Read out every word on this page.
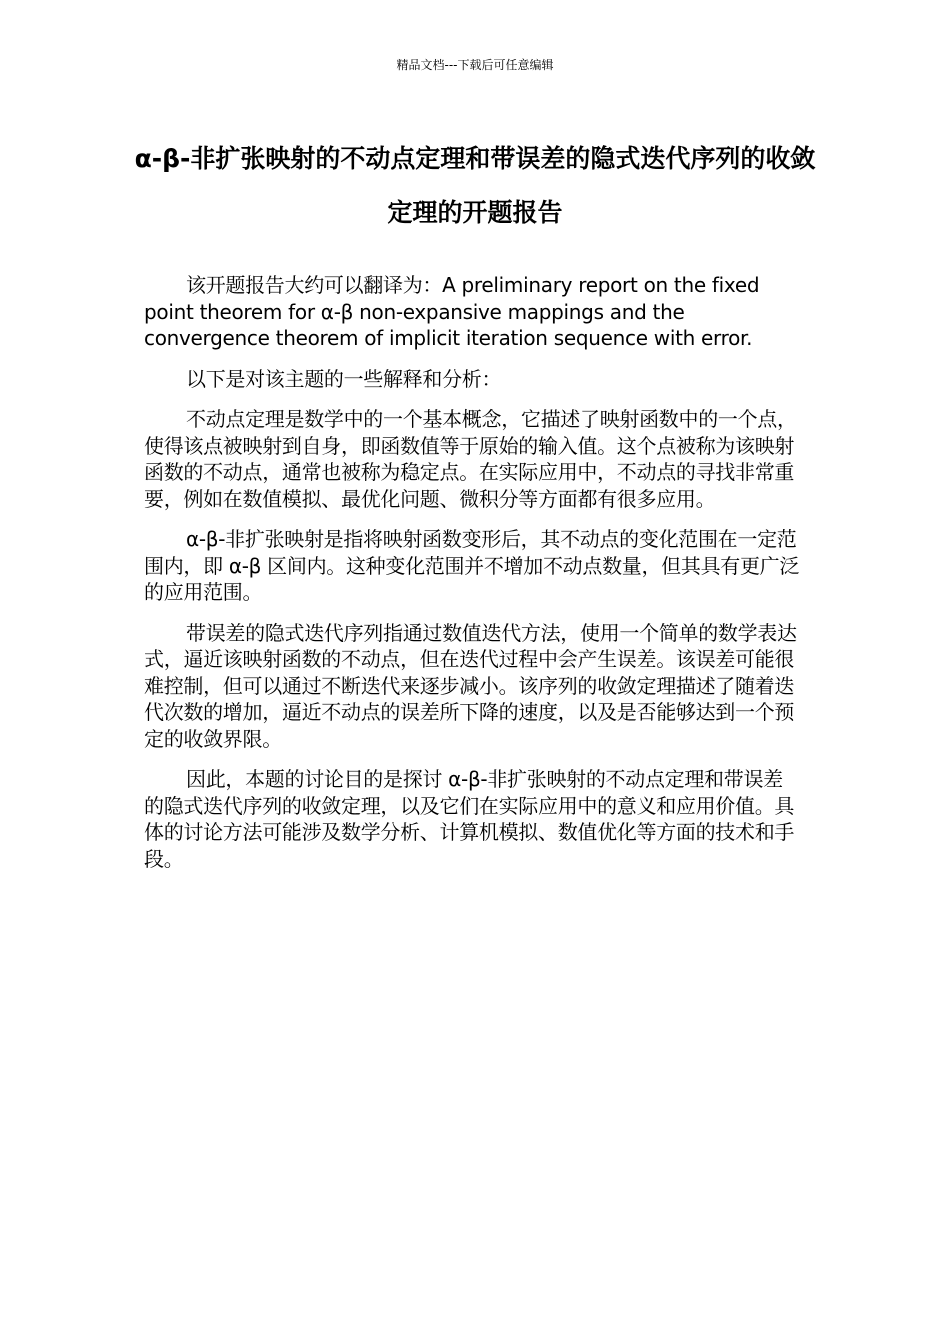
精品文档---下载后可任意编辑
α-β-非扩张映射的不动点定理和带误差的隐式迭代序列的收敛定理的开题报告

该开题报告大约可以翻译为：A preliminary report on the fixed point theorem for α-β non-expansive mappings and the convergence theorem of implicit iteration sequence with error.

以下是对该主题的一些解释和分析：

不动点定理是数学中的一个基本概念，它描述了映射函数中的一个点，使得该点被映射到自身，即函数值等于原始的输入值。这个点被称为该映射函数的不动点，通常也被称为稳定点。在实际应用中，不动点的寻找非常重要，例如在数值模拟、最优化问题、微积分等方面都有很多应用。

α-β-非扩张映射是指将映射函数变形后，其不动点的变化范围在一定范围内，即 α-β 区间内。这种变化范围并不增加不动点数量，但其具有更广泛的应用范围。

带误差的隐式迭代序列指通过数值迭代方法，使用一个简单的数学表达式，逼近该映射函数的不动点，但在迭代过程中会产生误差。该误差可能很难控制，但可以通过不断迭代来逐步减小。该序列的收敛定理描述了随着迭代次数的增加，逼近不动点的误差所下降的速度，以及是否能够达到一个预定的收敛界限。

因此，本题的讨论目的是探讨 α-β-非扩张映射的不动点定理和带误差的隐式迭代序列的收敛定理，以及它们在实际应用中的意义和应用价值。具体的讨论方法可能涉及数学分析、计算机模拟、数值优化等方面的技术和手段。
